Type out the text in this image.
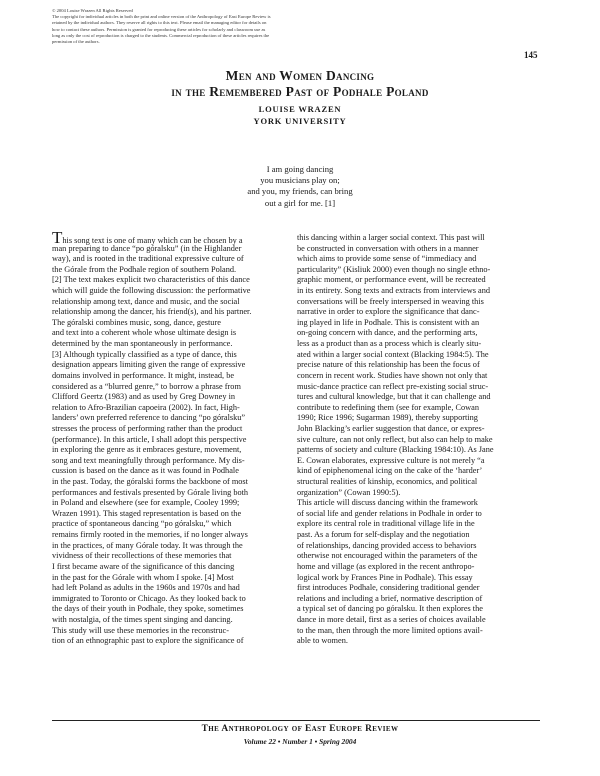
© 2004 Louise Wrazen All Rights Reserved
The copyright for individual articles in both the print and online version of the Anthropology of East Europe Review is
retained by the individual authors. They reserve all rights to this text. Please email the managing editor for details on
how to contact these authors. Permission is granted for reproducing these articles for scholarly and classroom use as
long as only the cost of reproduction is charged to the students. Commercial reproduction of these articles requires the
permission of the authors.
145
Men and Women Dancing
in the Remembered Past of Podhale Poland
LOUISE WRAZEN
YORK UNIVERSITY
I am going dancing
you musicians play on;
and you, my friends, can bring
out a girl for me. [1]
This song text is one of many which can be chosen by a
man preparing to dance “po góralsku” (in the Highlander
way), and is rooted in the traditional expressive culture of
the Górale from the Podhale region of southern Poland.
[2] The text makes explicit two characteristics of this dance
which will guide the following discussion: the performative
relationship among text, dance and music, and the social
relationship among the dancer, his friend(s), and his partner.
The góralski combines music, song, dance, gesture
and text into a coherent whole whose ultimate design is
determined by the man spontaneously in performance.
[3] Although typically classified as a type of dance, this
designation appears limiting given the range of expressive
domains involved in performance. It might, instead, be
considered as a “blurred genre,” to borrow a phrase from
Clifford Geertz (1983) and as used by Greg Downey in
relation to Afro-Brazilian capoeira (2002). In fact, High-
landers’ own preferred reference to dancing “po góralsku”
stresses the process of performing rather than the product
(performance). In this article, I shall adopt this perspective
in exploring the genre as it embraces gesture, movement,
song and text meaningfully through performance. My dis-
cussion is based on the dance as it was found in Podhale
in the past. Today, the góralski forms the backbone of most
performances and festivals presented by Górale living both
in Poland and elsewhere (see for example, Cooley 1999;
Wrazen 1991). This staged representation is based on the
practice of spontaneous dancing “po góralsku,” which
remains firmly rooted in the memories, if no longer always
in the practices, of many Górale today. It was through the
vividness of their recollections of these memories that
I first became aware of the significance of this dancing
in the past for the Górale with whom I spoke. [4] Most
had left Poland as adults in the 1960s and 1970s and had
immigrated to Toronto or Chicago. As they looked back to
the days of their youth in Podhale, they spoke, sometimes
with nostalgia, of the times spent singing and dancing.
This study will use these memories in the reconstruc-
tion of an ethnographic past to explore the significance of
this dancing within a larger social context. This past will
be constructed in conversation with others in a manner
which aims to provide some sense of “immediacy and
particularity” (Kisliuk 2000) even though no single ethno-
graphic moment, or performance event, will be recreated
in its entirety. Song texts and extracts from interviews and
conversations will be freely interspersed in weaving this
narrative in order to explore the significance that danc-
ing played in life in Podhale. This is consistent with an
on-going concern with dance, and the performing arts,
less as a product than as a process which is clearly situ-
ated within a larger social context (Blacking 1984:5). The
precise nature of this relationship has been the focus of
concern in recent work. Studies have shown not only that
music-dance practice can reflect pre-existing social struc-
tures and cultural knowledge, but that it can challenge and
contribute to redefining them (see for example, Cowan
1990; Rice 1996; Sugarman 1989), thereby supporting
John Blacking’s earlier suggestion that dance, or expres-
sive culture, can not only reflect, but also can help to make
patterns of society and culture (Blacking 1984:10). As Jane
E. Cowan elaborates, expressive culture is not merely “a
kind of epiphenomenal icing on the cake of the ‘harder’
structural realities of kinship, economics, and political
organization” (Cowan 1990:5).
This article will discuss dancing within the framework
of social life and gender relations in Podhale in order to
explore its central role in traditional village life in the
past. As a forum for self-display and the negotiation
of relationships, dancing provided access to behaviors
otherwise not encouraged within the parameters of the
home and village (as explored in the recent anthropo-
logical work by Frances Pine in Podhale). This essay
first introduces Podhale, considering traditional gender
relations and including a brief, normative description of
a typical set of dancing po góralsku. It then explores the
dance in more detail, first as a series of choices available
to the man, then through the more limited options avail-
able to women.
The Anthropology of East Europe Review
Volume 22 • Number 1 • Spring 2004
